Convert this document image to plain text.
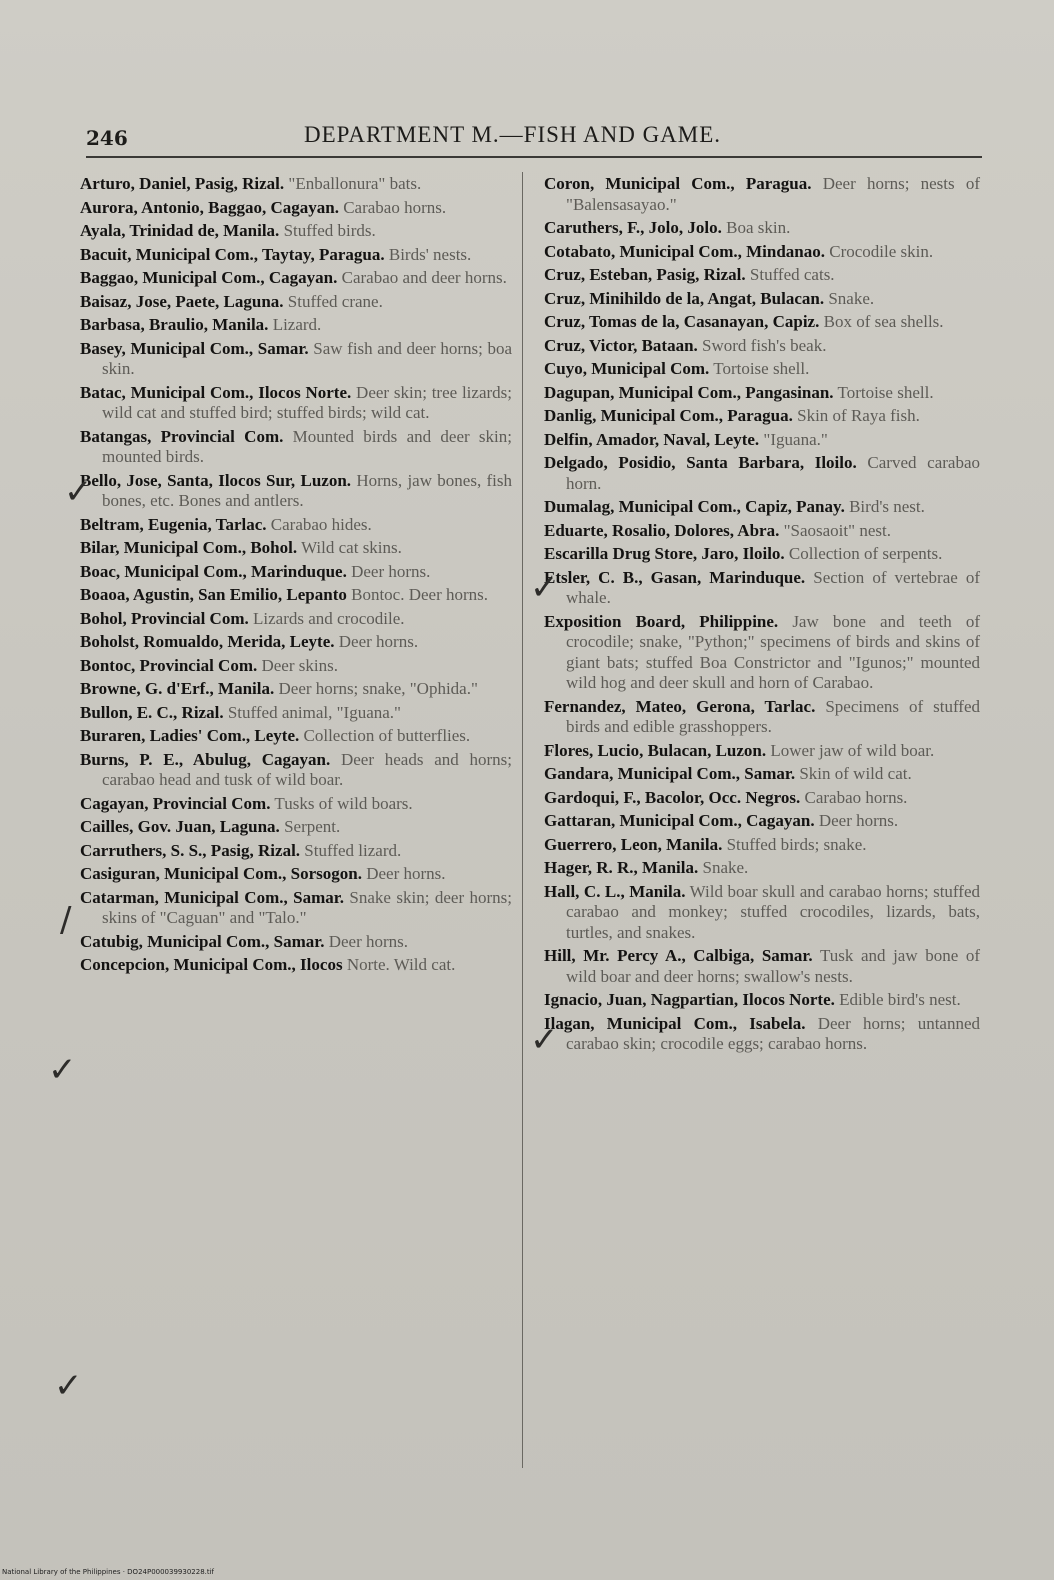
246	DEPARTMENT M.—FISH AND GAME.

Arturo, Daniel, Pasig, Rizal. "Enballonura" bats.

Aurora, Antonio, Baggao, Cagayan. Carabao horns.

Ayala, Trinidad de, Manila. Stuffed birds.

Bacuit, Municipal Com., Taytay, Paragua. Birds' nests.

Baggao, Municipal Com., Cagayan. Carabao and deer horns.

Baisaz, Jose, Paete, Laguna. Stuffed crane.

Barbasa, Braulio, Manila. Lizard.

Basey, Municipal Com., Samar. Saw fish and deer horns; boa skin.

Batac, Municipal Com., Ilocos Norte. Deer skin; tree lizards; wild cat and stuffed bird; stuffed birds; wild cat.

Batangas, Provincial Com. Mounted birds and deer skin; mounted birds.

Bello, Jose, Santa, Ilocos Sur, Luzon. Horns, jaw bones, fish bones, etc. Bones and antlers.

Beltram, Eugenia, Tarlac. Carabao hides.

Bilar, Municipal Com., Bohol. Wild cat skins.

Boac, Municipal Com., Marinduque. Deer horns.

Boaoa, Agustin, San Emilio, Lepanto Bontoc. Deer horns.

Bohol, Provincial Com. Lizards and crocodile.

Boholst, Romualdo, Merida, Leyte. Deer horns.

Bontoc, Provincial Com. Deer skins.

Browne, G. d'Erf., Manila. Deer horns; snake, "Ophida."

Bullon, E. C., Rizal. Stuffed animal, "Iguana."

Buraren, Ladies' Com., Leyte. Collection of butterflies.

Burns, P. E., Abulug, Cagayan. Deer heads and horns; carabao head and tusk of wild boar.

Cagayan, Provincial Com. Tusks of wild boars.

Cailles, Gov. Juan, Laguna. Serpent.

Carruthers, S. S., Pasig, Rizal. Stuffed lizard.

Casiguran, Municipal Com., Sorsogon. Deer horns.

Catarman, Municipal Com., Samar. Snake skin; deer horns; skins of "Caguan" and "Talo."

Catubig, Municipal Com., Samar. Deer horns.

Concepcion, Municipal Com., Ilocos Norte. Wild cat.

Coron, Municipal Com., Paragua. Deer horns; nests of "Balensasayao."

Caruthers, F., Jolo, Jolo. Boa skin.

Cotabato, Municipal Com., Mindanao. Crocodile skin.

Cruz, Esteban, Pasig, Rizal. Stuffed cats.

Cruz, Minihildo de la, Angat, Bulacan. Snake.

Cruz, Tomas de la, Casanayan, Capiz. Box of sea shells.

Cruz, Victor, Bataan. Sword fish's beak.

Cuyo, Municipal Com. Tortoise shell.

Dagupan, Municipal Com., Pangasinan. Tortoise shell.

Danlig, Municipal Com., Paragua. Skin of Raya fish.

Delfin, Amador, Naval, Leyte. "Iguana."

Delgado, Posidio, Santa Barbara, Iloilo. Carved carabao horn.

Dumalag, Municipal Com., Capiz, Panay. Bird's nest.

Eduarte, Rosalio, Dolores, Abra. "Saosaoit" nest.

Escarilla Drug Store, Jaro, Iloilo. Collection of serpents.

Etsler, C. B., Gasan, Marinduque. Section of vertebrae of whale.

Exposition Board, Philippine. Jaw bone and teeth of crocodile; snake, "Python;" specimens of birds and skins of giant bats; stuffed Boa Constrictor and "Igunos;" mounted wild hog and deer skull and horn of Carabao.

Fernandez, Mateo, Gerona, Tarlac. Specimens of stuffed birds and edible grasshoppers.

Flores, Lucio, Bulacan, Luzon. Lower jaw of wild boar.

Gandara, Municipal Com., Samar. Skin of wild cat.

Gardoqui, F., Bacolor, Occ. Negros. Carabao horns.

Gattaran, Municipal Com., Cagayan. Deer horns.

Guerrero, Leon, Manila. Stuffed birds; snake.

Hager, R. R., Manila. Snake.

Hall, C. L., Manila. Wild boar skull and carabao horns; stuffed carabao and monkey; stuffed crocodiles, lizards, bats, turtles, and snakes.

Hill, Mr. Percy A., Calbiga, Samar. Tusk and jaw bone of wild boar and deer horns; swallow's nests.

Ignacio, Juan, Nagpartian, Ilocos Norte. Edible bird's nest.

Ilagan, Municipal Com., Isabela. Deer horns; untanned carabao skin; crocodile eggs; carabao horns.

✓
/
✓
✓
✓
✓
National Library of the Philippines · DO24P000039930228.tif
